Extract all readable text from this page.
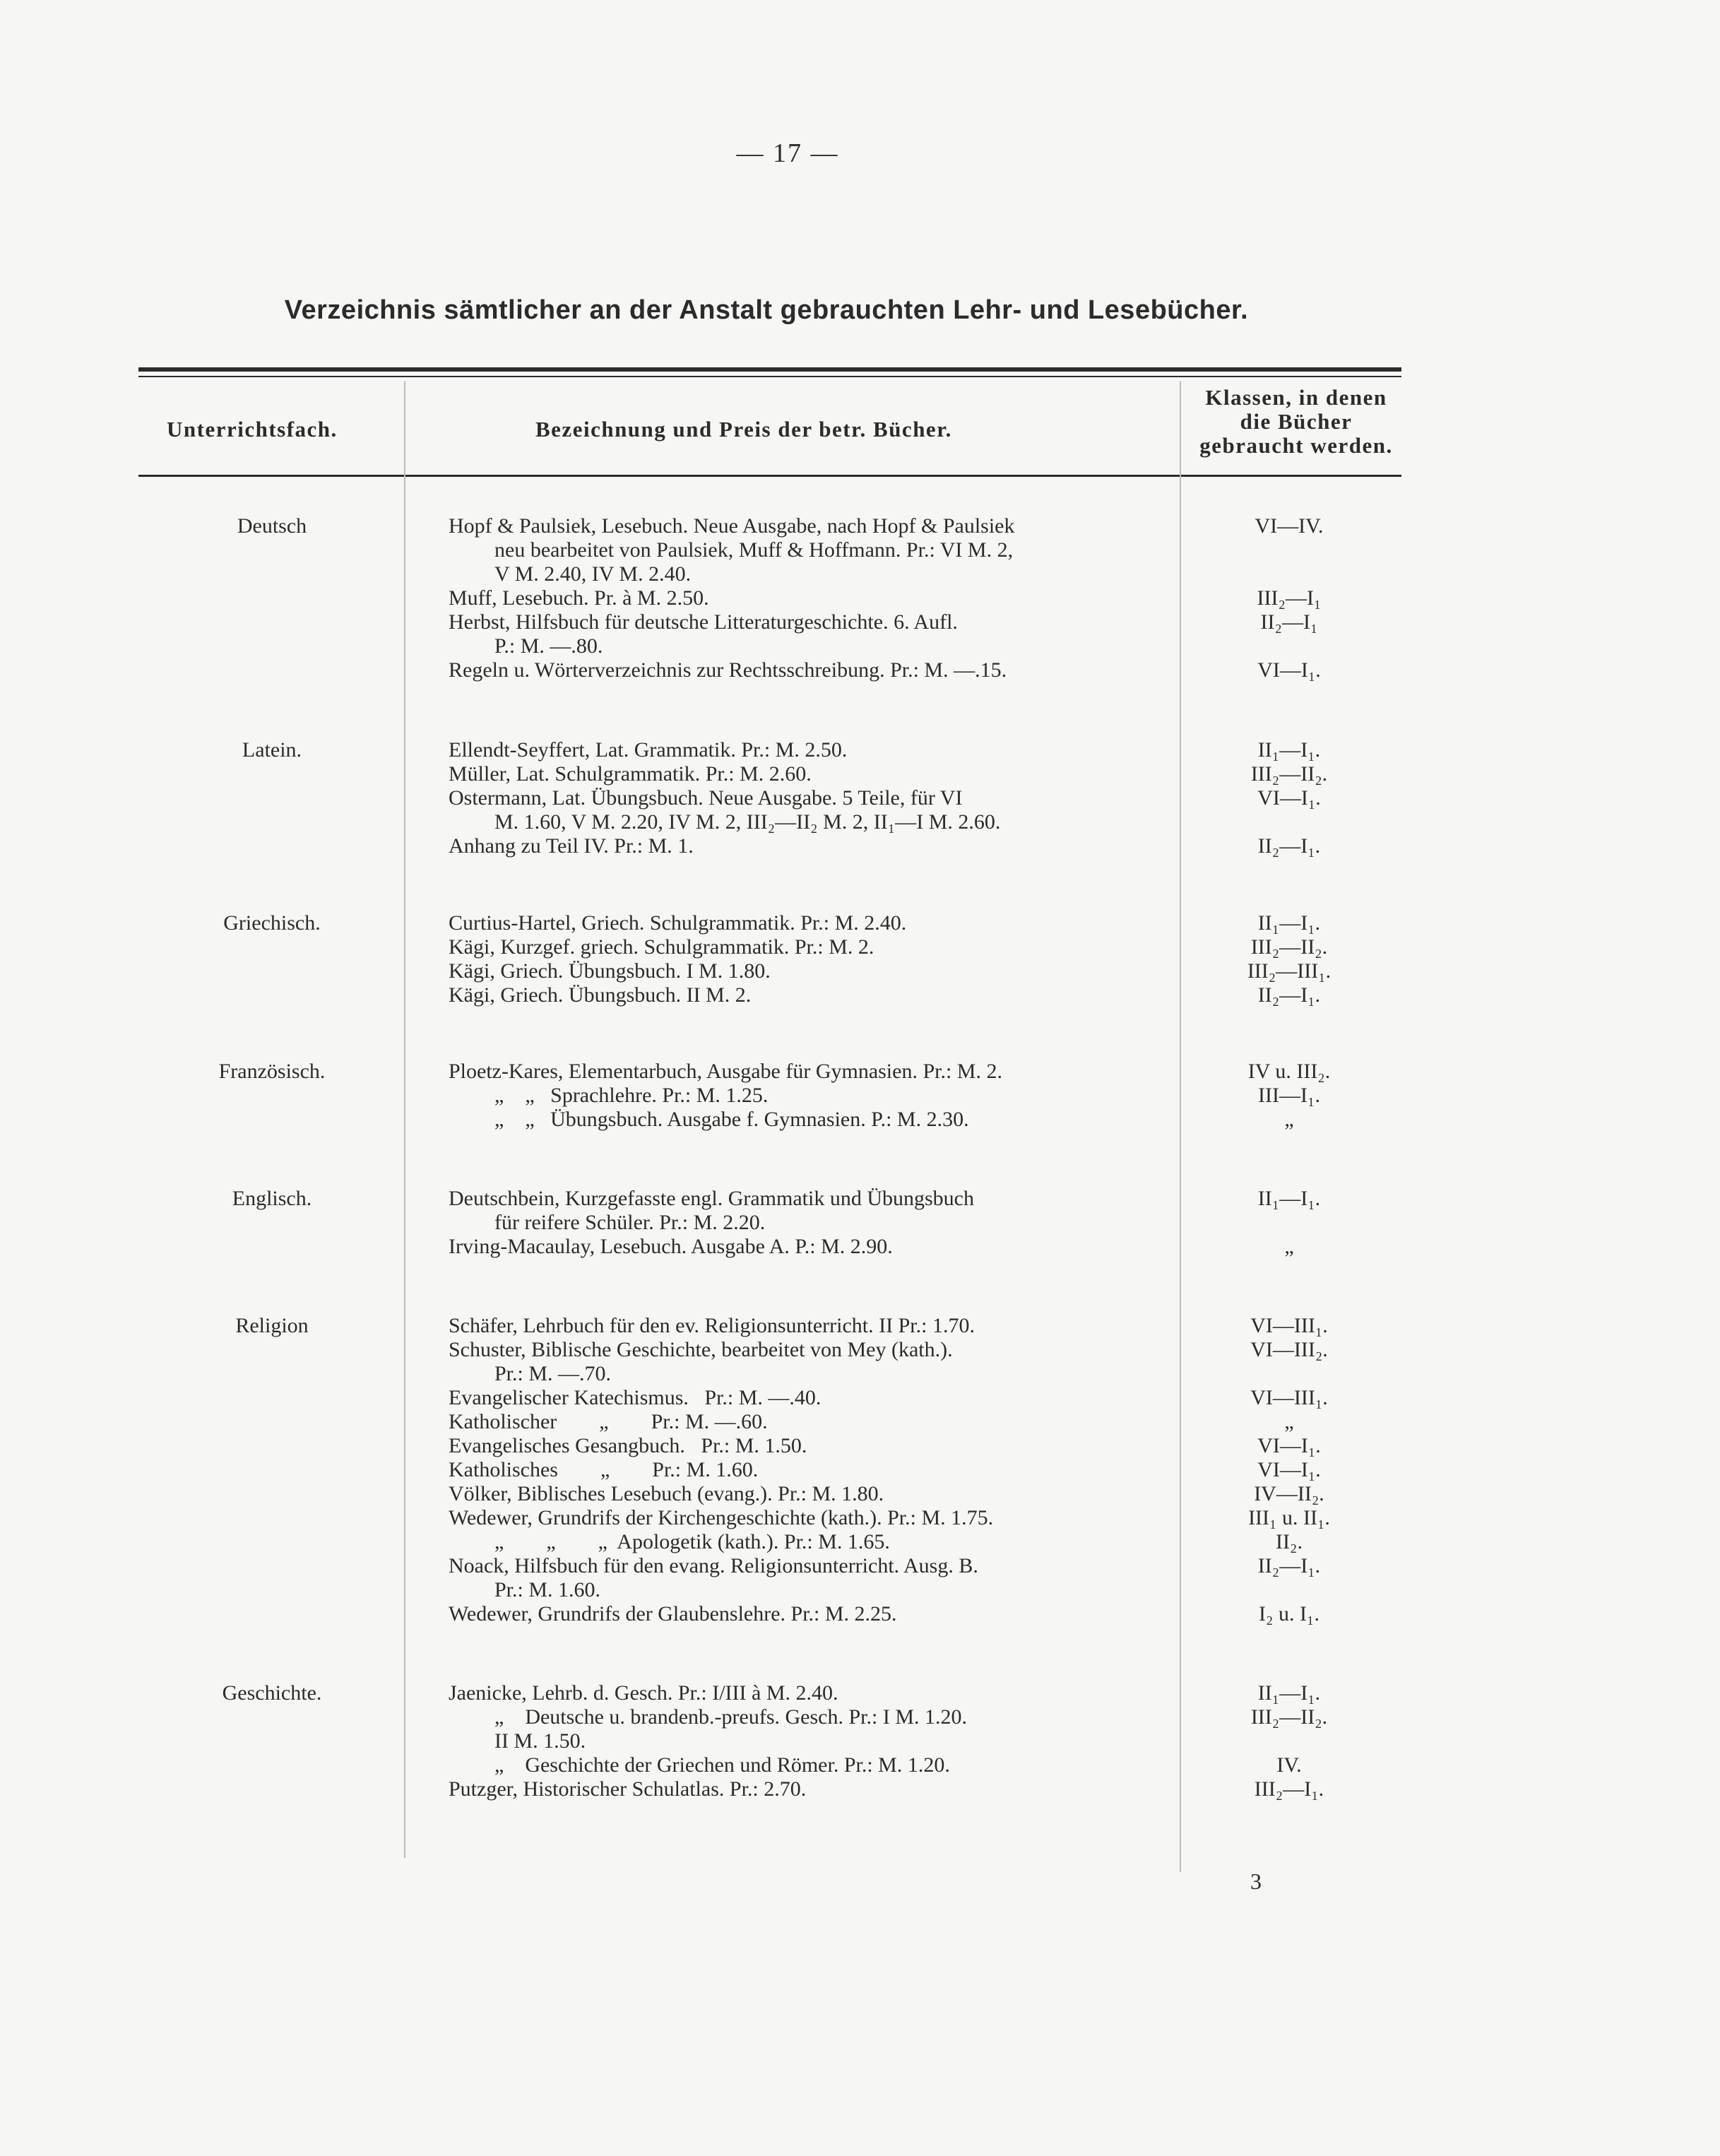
— 17 —
Verzeichnis sämtlicher an der Anstalt gebrauchten Lehr- und Lesebücher.
Unterrichtsfach.	Bezeichnung und Preis der betr. Bücher.
Klassen, in denen
die Bücher
gebraucht werden.
Deutsch	Hopf & Paulsiek, Lesebuch. Neue Ausgabe, nach Hopf & Paulsiek	VI—IV.
neu bearbeitet von Paulsiek, Muff & Hoffmann. Pr.: VI M. 2,
V M. 2.40, IV M. 2.40.
Muff, Lesebuch. Pr. à M. 2.50.	III₂—I₁
Herbst, Hilfsbuch für deutsche Litteraturgeschichte. 6. Aufl.	II₂—I₁
P.: M. —.80.
Regeln u. Wörterverzeichnis zur Rechtsschreibung. Pr.: M. —.15.	VI—I₁.
Latein.	Ellendt-Seyffert, Lat. Grammatik. Pr.: M. 2.50.	II₁—I₁.
Müller, Lat. Schulgrammatik. Pr.: M. 2.60.	III₂—II₂.
Ostermann, Lat. Übungsbuch. Neue Ausgabe. 5 Teile, für VI	VI—I₁.
M. 1.60, V M. 2.20, IV M. 2, III₂—II₂ M. 2, II₁—I M. 2.60.
Anhang zu Teil IV. Pr.: M. 1.	II₂—I₁.
Griechisch.	Curtius-Hartel, Griech. Schulgrammatik. Pr.: M. 2.40.	II₁—I₁.
Kägi, Kurzgef. griech. Schulgrammatik. Pr.: M. 2.	III₂—II₂.
Kägi, Griech. Übungsbuch. I M. 1.80.	III₂—III₁.
Kägi, Griech. Übungsbuch. II M. 2.	II₂—I₁.
Französisch.	Ploetz-Kares, Elementarbuch, Ausgabe für Gymnasien. Pr.: M. 2.	IV u. III₂.
„    „   Sprachlehre. Pr.: M. 1.25.	III—I₁.
„    „   Übungsbuch. Ausgabe f. Gymnasien. P.: M. 2.30.	„
Englisch.	Deutschbein, Kurzgefasste engl. Grammatik und Übungsbuch	II₁—I₁.
für reifere Schüler. Pr.: M. 2.20.
Irving-Macaulay, Lesebuch. Ausgabe A. P.: M. 2.90.	„
Religion	Schäfer, Lehrbuch für den ev. Religionsunterricht. II Pr.: 1.70.	VI—III₁.
Schuster, Biblische Geschichte, bearbeitet von Mey (kath.).	VI—III₂.
Pr.: M. —.70.
Evangelischer Katechismus.   Pr.: M. —.40.	VI—III₁.
Katholischer        „        Pr.: M. —.60.	„
Evangelisches Gesangbuch.   Pr.: M. 1.50.	VI—I₁.
Katholisches        „        Pr.: M. 1.60.	VI—I₁.
Völker, Biblisches Lesebuch (evang.). Pr.: M. 1.80.	IV—II₂.
Wedewer, Grundrifs der Kirchengeschichte (kath.). Pr.: M. 1.75.	III₁ u. II₁.
„        „        „  Apologetik (kath.). Pr.: M. 1.65.	II₂.
Noack, Hilfsbuch für den evang. Religionsunterricht. Ausg. B.	II₂—I₁.
Pr.: M. 1.60.
Wedewer, Grundrifs der Glaubenslehre. Pr.: M. 2.25.	I₂ u. I₁.
Geschichte.	Jaenicke, Lehrb. d. Gesch. Pr.: I/III à M. 2.40.	II₁—I₁.
„    Deutsche u. brandenb.-preufs. Gesch. Pr.: I M. 1.20.	III₂—II₂.
II M. 1.50.
„    Geschichte der Griechen und Römer. Pr.: M. 1.20.	IV.
Putzger, Historischer Schulatlas. Pr.: 2.70.	III₂—I₁.
3
